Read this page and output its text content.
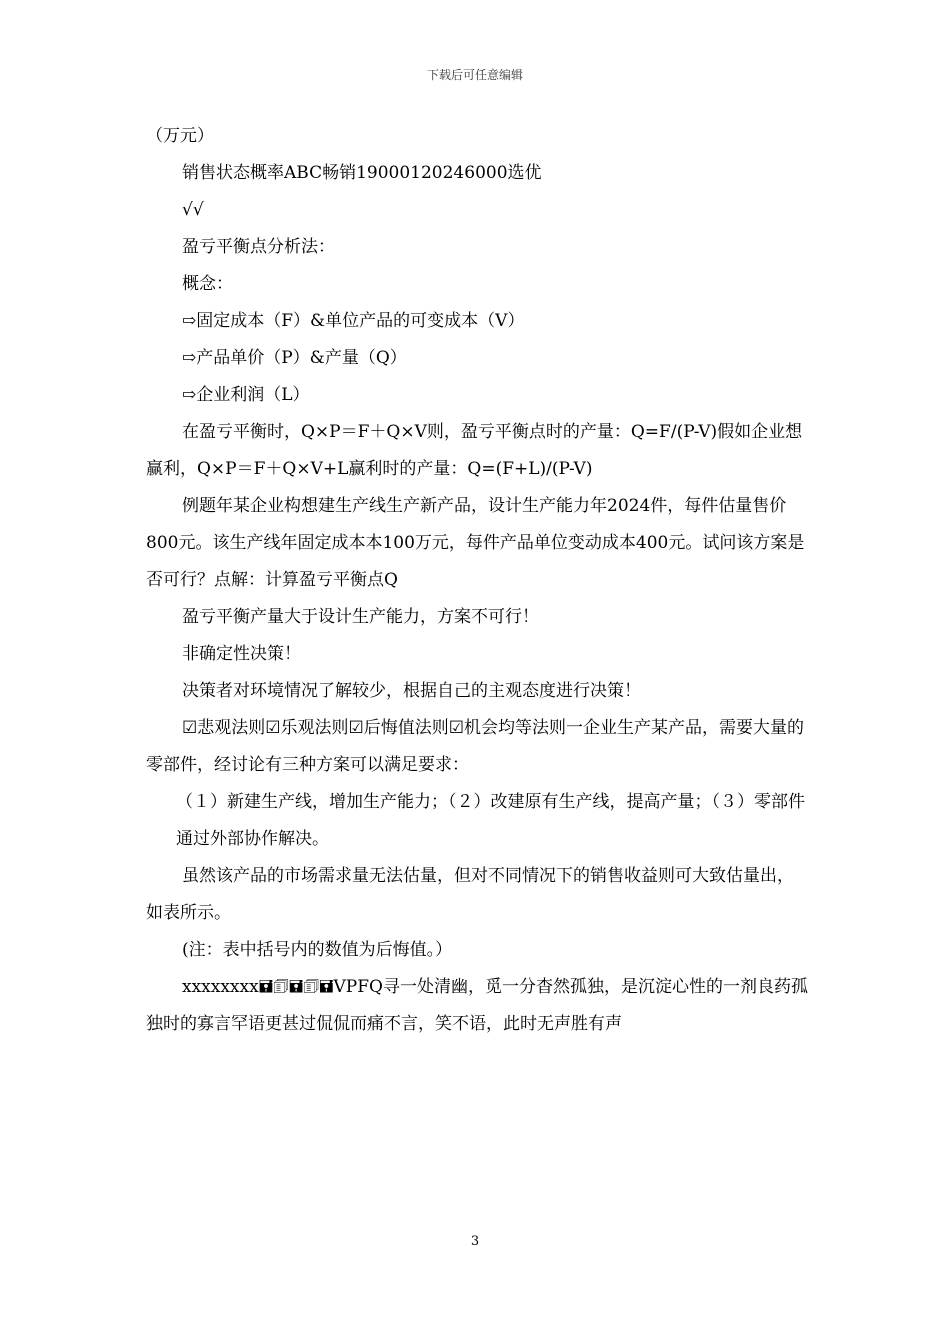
下载后可任意编辑

（万元）

销售状态概率ABC畅销19000120246000选优

√√

盈亏平衡点分析法：

概念：

⇨固定成本（F）&单位产品的可变成本（V）

⇨产品单价（P）&产量（Q）

⇨企业利润（L）

在盈亏平衡时，Q×P＝F＋Q×V则，盈亏平衡点时的产量：Q=F/(P-V)假如企业想赢利，Q×P＝F＋Q×V+L赢利时的产量：Q=(F+L)/(P-V)

例题年某企业构想建生产线生产新产品，设计生产能力年2024件，每件估量售价800元。该生产线年固定成本本100万元，每件产品单位变动成本400元。试问该方案是否可行？点解：计算盈亏平衡点Q

盈亏平衡产量大于设计生产能力，方案不可行！

非确定性决策！

决策者对环境情况了解较少，根据自己的主观态度进行决策！

☑悲观法则☑乐观法则☑后悔值法则☑机会均等法则一企业生产某产品，需要大量的零部件，经讨论有三种方案可以满足要求：

（１）新建生产线，增加生产能力；（２）改建原有生产线，提高产量；（３）零部件通过外部协作解决。

虽然该产品的市场需求量无法估量，但对不同情况下的销售收益则可大致估量出，如表所示。

(注：表中括号内的数值为后悔值。）

xxxxxxxx🖬🗊🖬🗊🖬VPFQ寻一处清幽，觅一分杳然孤独，是沉淀心性的一剂良药孤独时的寡言罕语更甚过侃侃而痛不言，笑不语，此时无声胜有声

3
